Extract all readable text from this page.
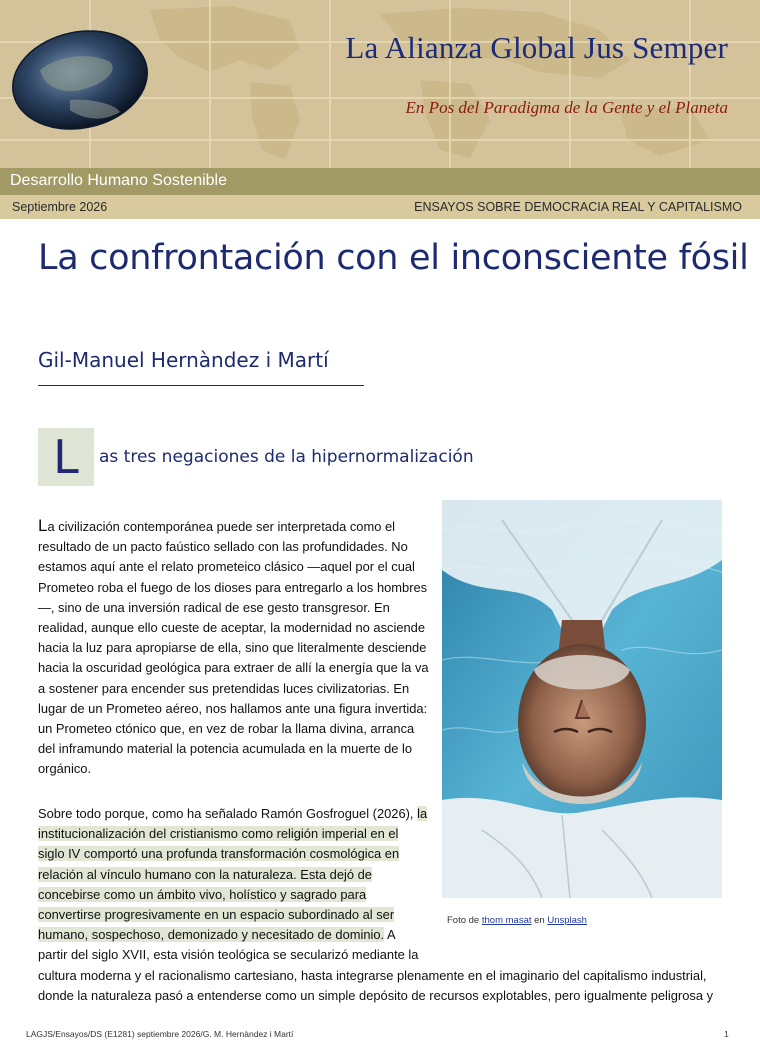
La Alianza Global Jus Semper
En Pos del Paradigma de la Gente y el Planeta
Desarrollo Humano Sostenible
Septiembre 2026	ENSAYOS SOBRE DEMOCRACIA REAL Y CAPITALISMO
La confrontación con el inconsciente fósil
Gil-Manuel Hernàndez i Martí
L	as tres negaciones de la hipernormalización
La civilización contemporánea puede ser interpretada como el
resultado de un pacto faústico sellado con las profundidades. No
estamos aquí ante el relato prometeico clásico —aquel por el cual
Prometeo roba el fuego de los dioses para entregarlo a los hombres
—, sino de una inversión radical de ese gesto transgresor. En
realidad, aunque ello cueste de aceptar, la modernidad no asciende
hacia la luz para apropiarse de ella, sino que literalmente desciende
hacia la oscuridad geológica para extraer de allí la energía que la va
a sostener para encender sus pretendidas luces civilizatorias. En
lugar de un Prometeo aéreo, nos hallamos ante una figura invertida:
un Prometeo ctónico que, en vez de robar la llama divina, arranca
del inframundo material la potencia acumulada en la muerte de lo
orgánico.
Sobre todo porque, como ha señalado Ramón Gosfroguel (2026), la
institucionalización del cristianismo como religión imperial en el
siglo IV comportó una profunda transformación cosmológica en
relación al vínculo humano con la naturaleza. Esta dejó de
concebirse como un ámbito vivo, holístico y sagrado para
convertirse progresivamente en un espacio subordinado al ser
humano, sospechoso, demonizado y necesitado de dominio. A
partir del siglo XVII, esta visión teológica se secularizó mediante la
cultura moderna y el racionalismo cartesiano, hasta integrarse plenamente en el imaginario del capitalismo industrial,
donde la naturaleza pasó a entenderse como un simple depósito de recursos explotables, pero igualmente peligrosa y
Foto de thom masat en Unsplash
LAGJS/Ensayos/DS (E1281) septiembre 2026/G. M. Hernàndez i Martí	1
